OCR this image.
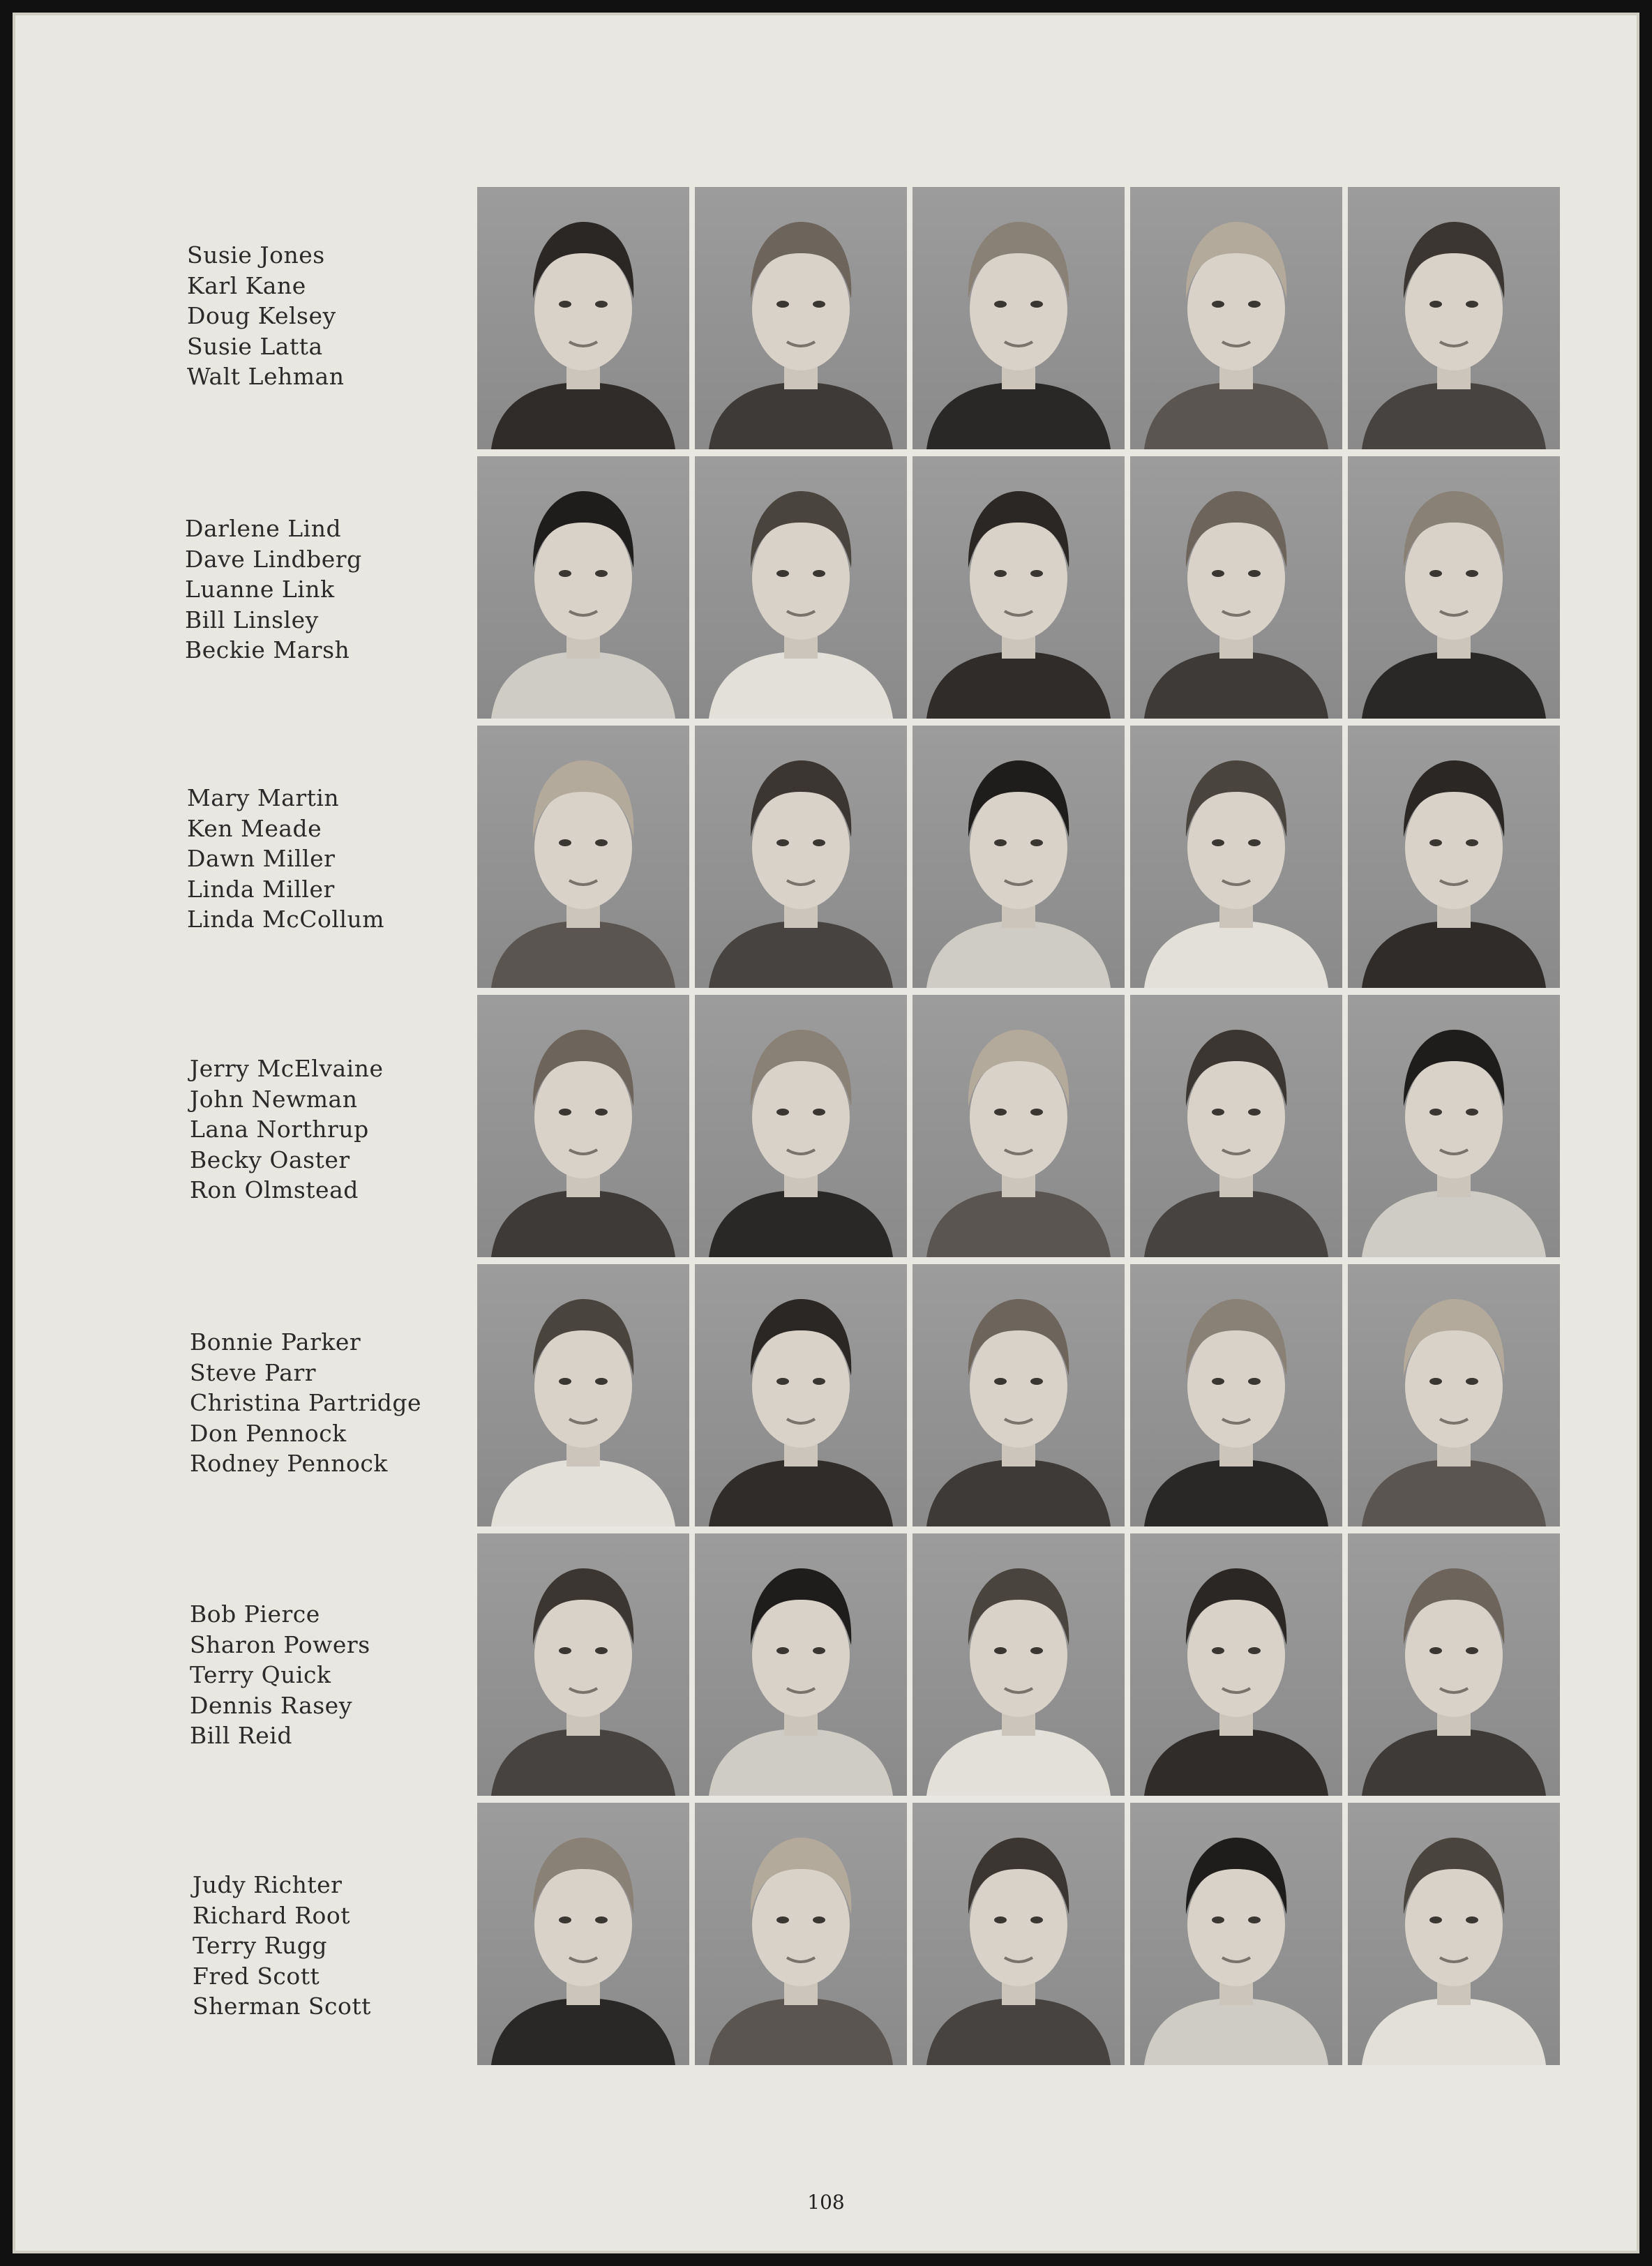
Susie Jones
Karl Kane
Doug Kelsey
Susie Latta
Walt Lehman
Darlene Lind
Dave Lindberg
Luanne Link
Bill Linsley
Beckie Marsh
Mary Martin
Ken Meade
Dawn Miller
Linda Miller
Linda McCollum
Jerry McElvaine
John Newman
Lana Northrup
Becky Oaster
Ron Olmstead
Bonnie Parker
Steve Parr
Christina Partridge
Don Pennock
Rodney Pennock
Bob Pierce
Sharon Powers
Terry Quick
Dennis Rasey
Bill Reid
Judy Richter
Richard Root
Terry Rugg
Fred Scott
Sherman Scott
108
